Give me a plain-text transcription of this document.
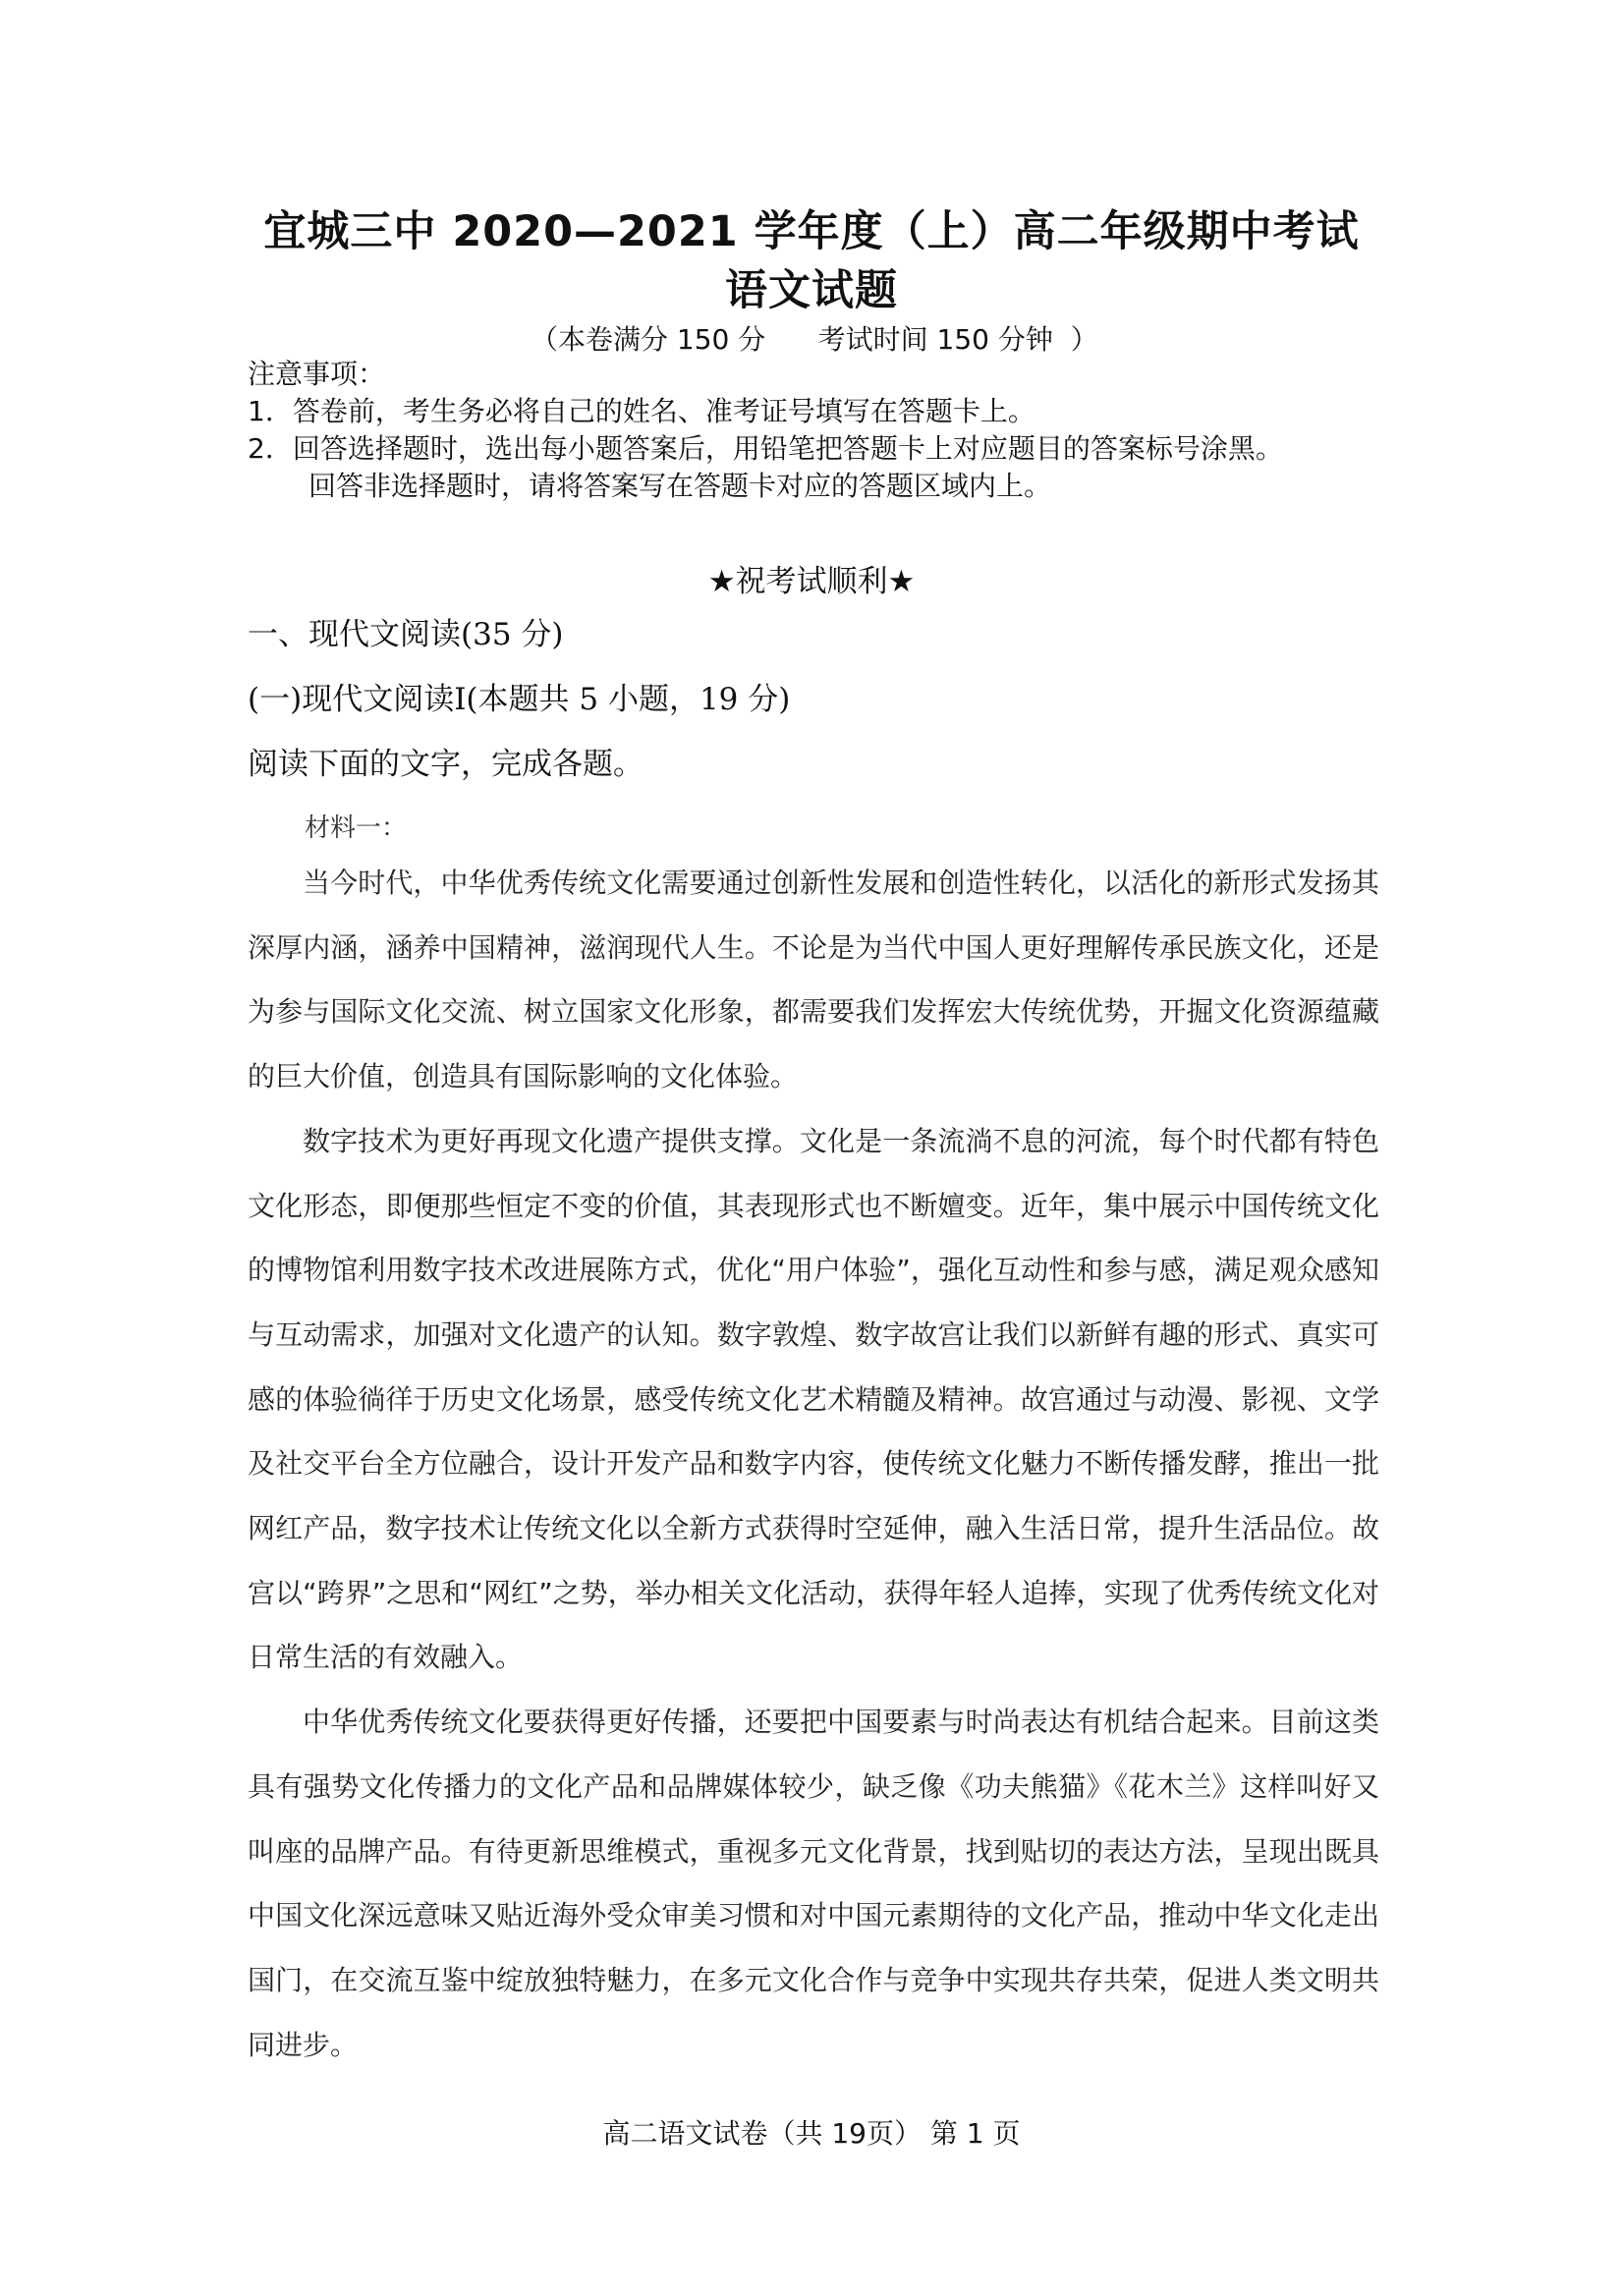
宜城三中 2020—2021 学年度（上）高二年级期中考试
语文试题
（本卷满分 150 分      考试时间 150 分钟  ）
注意事项：
1．答卷前，考生务必将自己的姓名、准考证号填写在答题卡上。
2．回答选择题时，选出每小题答案后，用铅笔把答题卡上对应题目的答案标号涂黑。
回答非选择题时，请将答案写在答题卡对应的答题区域内上。
★祝考试顺利★
一、现代文阅读(35 分)
(一)现代文阅读Ⅰ(本题共 5 小题，19 分)
阅读下面的文字，完成各题。
材料一：

当今时代，中华优秀传统文化需要通过创新性发展和创造性转化，以活化的新形式发扬其深厚内涵，涵养中国精神，滋润现代人生。不论是为当代中国人更好理解传承民族文化，还是为参与国际文化交流、树立国家文化形象，都需要我们发挥宏大传统优势，开掘文化资源蕴藏的巨大价值，创造具有国际影响的文化体验。

数字技术为更好再现文化遗产提供支撑。文化是一条流淌不息的河流，每个时代都有特色文化形态，即便那些恒定不变的价值，其表现形式也不断嬗变。近年，集中展示中国传统文化的博物馆利用数字技术改进展陈方式，优化“用户体验”，强化互动性和参与感，满足观众感知与互动需求，加强对文化遗产的认知。数字敦煌、数字故宫让我们以新鲜有趣的形式、真实可感的体验徜徉于历史文化场景，感受传统文化艺术精髓及精神。故宫通过与动漫、影视、文学及社交平台全方位融合，设计开发产品和数字内容，使传统文化魅力不断传播发酵，推出一批网红产品，数字技术让传统文化以全新方式获得时空延伸，融入生活日常，提升生活品位。故宫以“跨界”之思和“网红”之势，举办相关文化活动，获得年轻人追捧，实现了优秀传统文化对日常生活的有效融入。

中华优秀传统文化要获得更好传播，还要把中国要素与时尚表达有机结合起来。目前这类具有强势文化传播力的文化产品和品牌媒体较少，缺乏像《功夫熊猫》《花木兰》这样叫好又叫座的品牌产品。有待更新思维模式，重视多元文化背景，找到贴切的表达方法，呈现出既具中国文化深远意味又贴近海外受众审美习惯和对中国元素期待的文化产品，推动中华文化走出国门，在交流互鉴中绽放独特魅力，在多元文化合作与竞争中实现共存共荣，促进人类文明共同进步。

高二语文试卷（共 19页） 第 1 页
